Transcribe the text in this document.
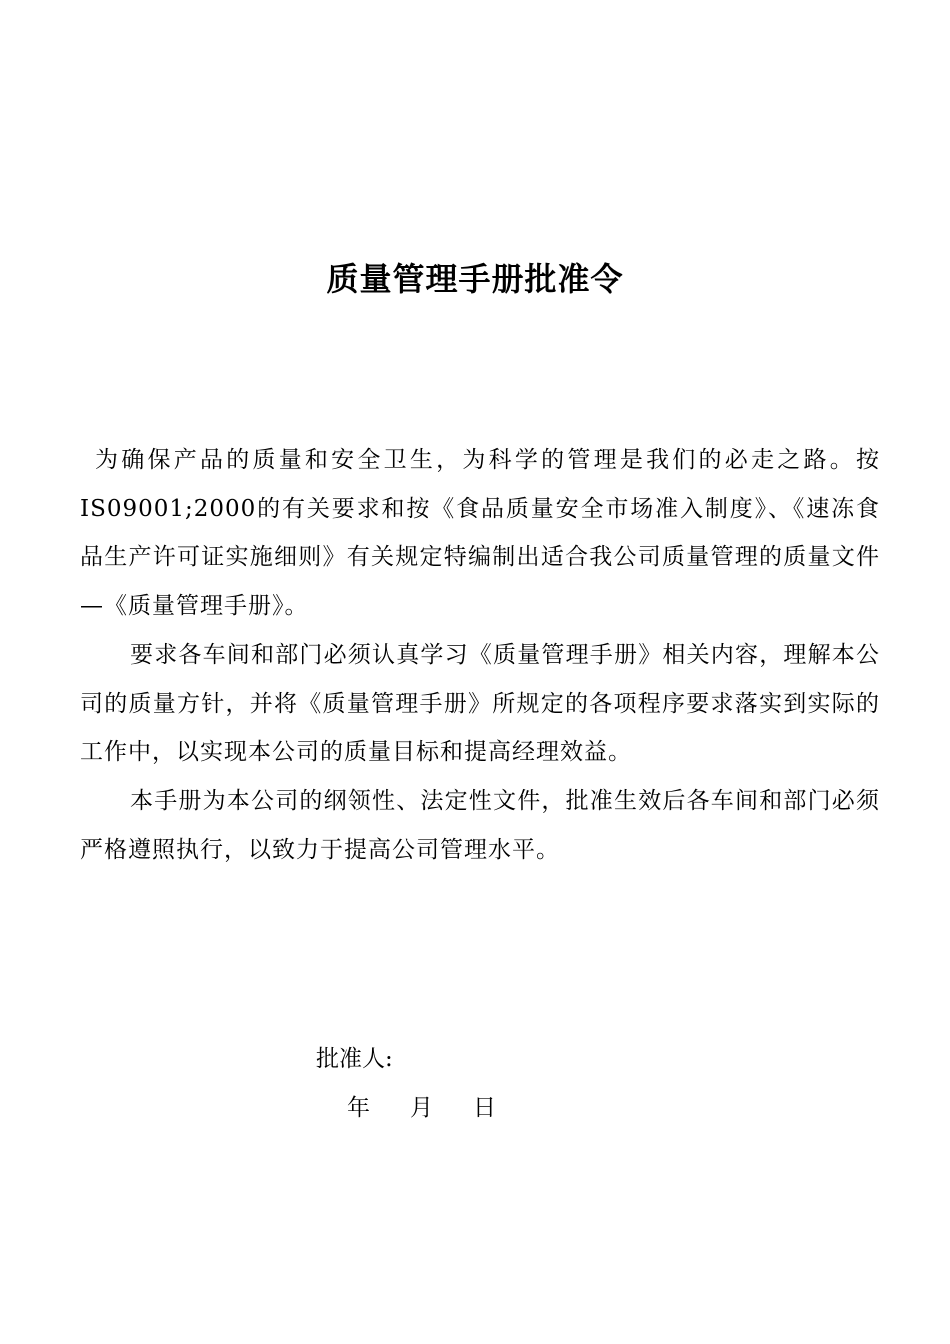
质量管理手册批准令

为确保产品的质量和安全卫生，为科学的管理是我们的必走之路。按IS09001;2000的有关要求和按《食品质量安全市场准入制度》、《速冻食品生产许可证实施细则》有关规定特编制出适合我公司质量管理的质量文件—《质量管理手册》。

要求各车间和部门必须认真学习《质量管理手册》相关内容，理解本公司的质量方针，并将《质量管理手册》所规定的各项程序要求落实到实际的工作中，以实现本公司的质量目标和提高经理效益。

本手册为本公司的纲领性、法定性文件，批准生效后各车间和部门必须严格遵照执行，以致力于提高公司管理水平。

批准人:
年 月 日
